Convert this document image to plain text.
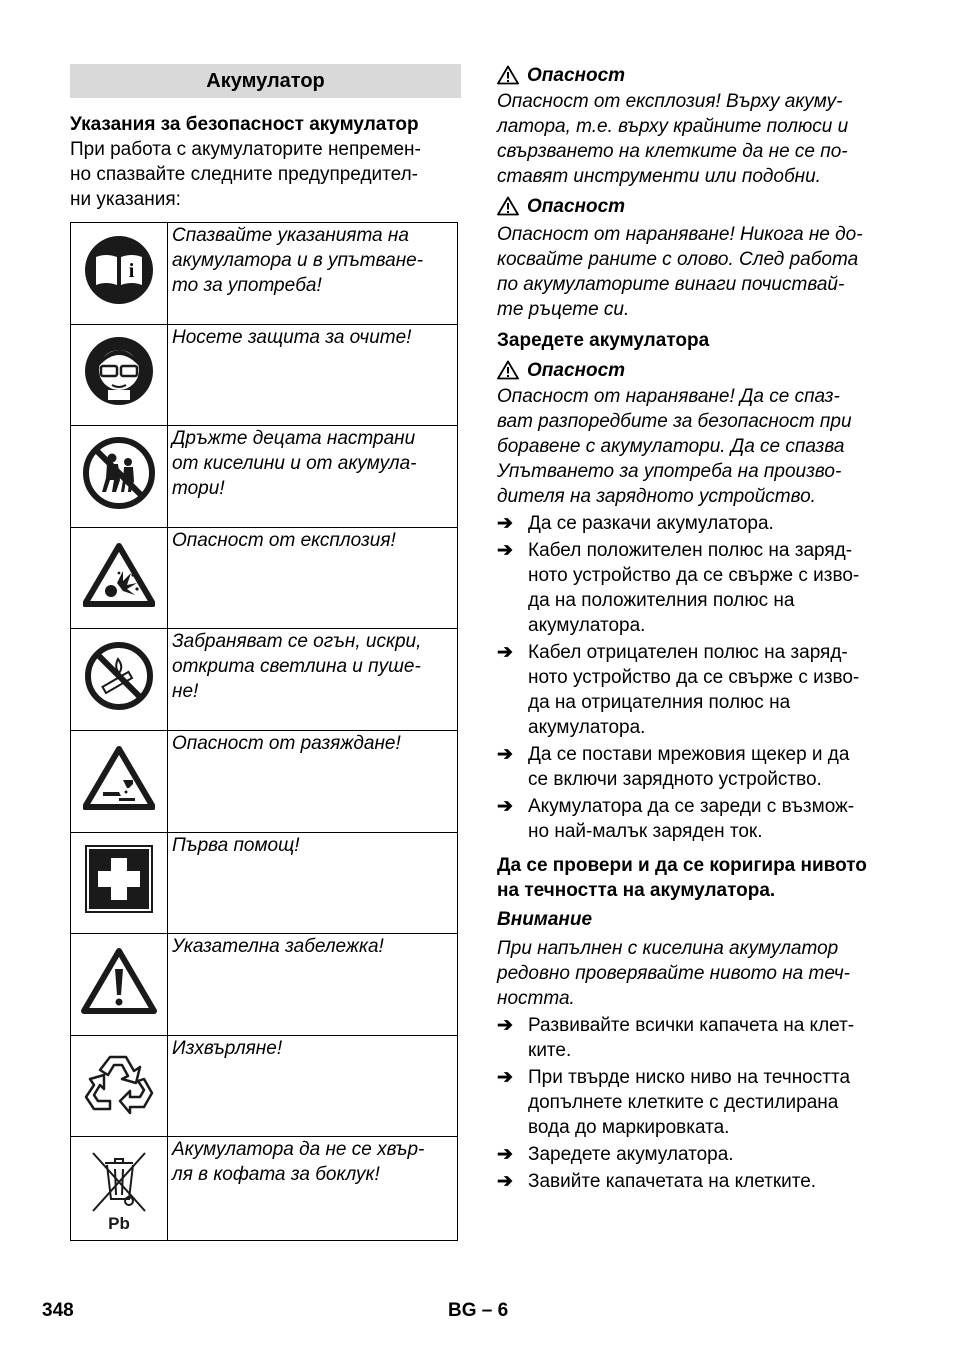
Акумулатор
Указания за безопасност акумулатор
При работа с акумулаторите непремен-
но спазвайте следните предупредител-
ни указания:
i	Спазвайте указанията на
акумулатора и в упътване-
то за употреба!

Носете защита за очите!

Дръжте децата настрани
от киселини и от акумула-
тори!

Опасност от експлозия!

Забраняват се огън, искри,
открита светлина и пуше-
не!

Опасност от разяждане!

Първа помощ!

Указателна забележка!

Изхвърляне!

Pb	Акумулатора да не се хвър-
ля в кофата за боклук!
Опасност
Опасност от експлозия! Върху акуму-
латора, т.е. върху крайните полюси и
свързването на клетките да не се по-
ставят инструменти или подобни.
Опасност
Опасност от нараняване! Никога не до-
косвайте раните с олово. След работа
по акумулаторите винаги почиствай-
те ръцете си.
Заредете акумулатора
Опасност
Опасност от нараняване! Да се спаз-
ват разпоредбите за безопасност при
боравене с акумулатори. Да се спазва
Упътването за употреба на произво-
дителя на зарядното устройство.
➔ Да се разкачи акумулатора.
➔ Кабел положителен полюс на заряд-
ното устройство да се свърже с изво-
да на положителния полюс на
акумулатора.
➔ Кабел отрицателен полюс на заряд-
ното устройство да се свърже с изво-
да на отрицателния полюс на
акумулатора.
➔ Да се постави мрежовия щекер и да
се включи зарядното устройство.
➔ Акумулатора да се зареди с възмож-
но най-малък заряден ток.
Да се провери и да се коригира нивото
на течността на акумулатора.
Внимание
При напълнен с киселина акумулатор
редовно проверявайте нивото на теч-
ността.
➔ Развивайте всички капачета на клет-
ките.
➔ При твърде ниско ниво на течността
допълнете клетките с дестилирана
вода до маркировката.
➔ Заредете акумулатора.
➔ Завийте капачетата на клетките.
348	BG – 6
